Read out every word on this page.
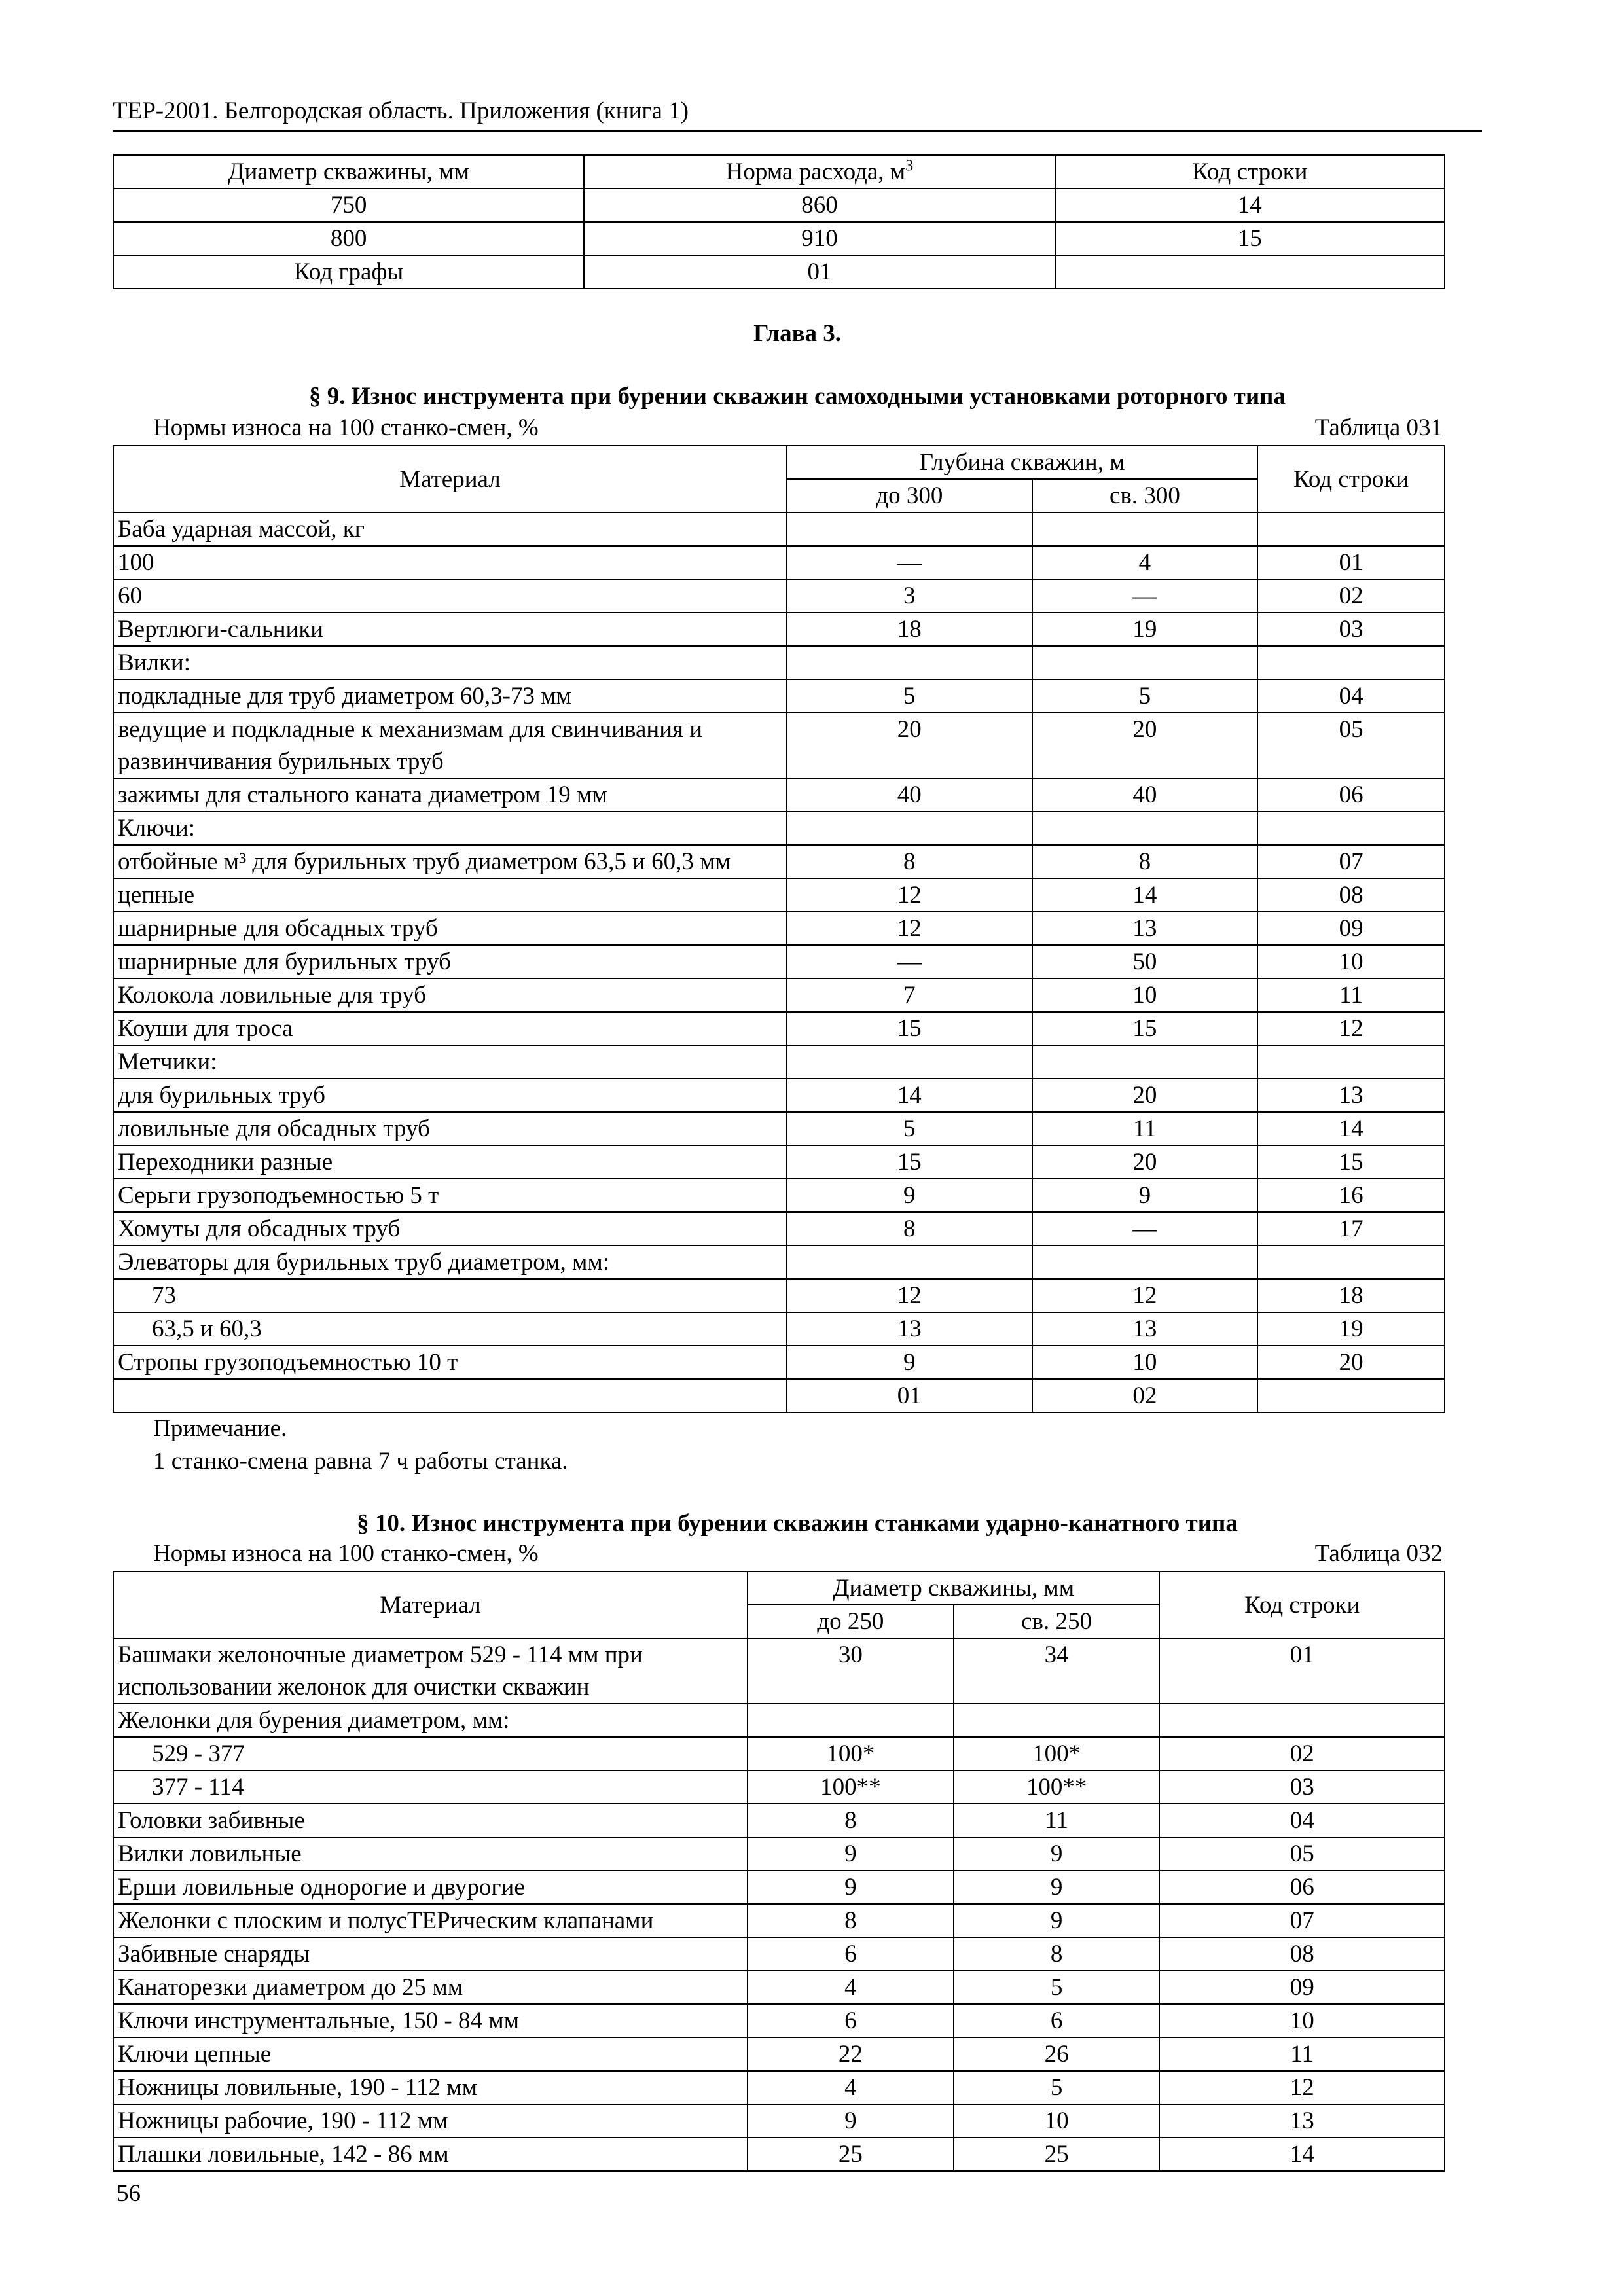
ТЕР-2001. Белгородская область. Приложения (книга 1)
Диаметр скважины, мм	Норма расхода, $м^3$	Код строки
750	860	14
800	910	15
Код графы	01	
Глава 3.
§ 9. Износ инструмента при бурении скважин самоходными установками роторного типа
Нормы износа на 100 станко-смен, %	Таблица 031
Материал	Глубина скважин, м		Код строки
	до 300	св. 300	
Баба ударная массой, кг			
100	—	4	01
60	3	—	02
Вертлюги-сальники	18	19	03
Вилки:			
подкладные для труб диаметром 60,3-73 мм	5	5	04
ведущие и подкладные к механизмам для свинчивания и развинчивания бурильных труб	20	20	05
зажимы для стального каната диаметром 19 мм	40	40	06
Ключи:			
отбойные м³ для бурильных труб диаметром 63,5 и 60,3 мм	8	8	07
цепные	12	14	08
шарнирные для обсадных труб	12	13	09
шарнирные для бурильных труб	—	50	10
Колокола ловильные для труб	7	10	11
Коуши для троса	15	15	12
Метчики:			
для бурильных труб	14	20	13
ловильные для обсадных труб	5	11	14
Переходники разные	15	20	15
Серьги грузоподъемностью 5 т	9	9	16
Хомуты для обсадных труб	8	—	17
Элеваторы для бурильных труб диаметром, мм:			
73	12	12	18
63,5 и 60,3	13	13	19
Стропы грузоподъемностью 10 т	9	10	20
	01	02	
Примечание.
1 станко-смена равна 7 ч работы станка.
§ 10. Износ инструмента при бурении скважин станками ударно-канатного типа
Нормы износа на 100 станко-смен, %	Таблица 032
Материал	Диаметр скважины, мм		Код строки
	до 250	св. 250	
Башмаки желоночные диаметром 529 - 114 мм при использовании желонок для очистки скважин	30	34	01
Желонки для бурения диаметром, мм:			
529 - 377	100*	100*	02
377 - 114	100**	100**	03
Головки забивные	8	11	04
Вилки ловильные	9	9	05
Ерши ловильные однорогие и двурогие	9	9	06
Желонки с плоским и полусТЕРическим клапанами	8	9	07
Забивные снаряды	6	8	08
Канаторезки диаметром до 25 мм	4	5	09
Ключи инструментальные, 150 - 84 мм	6	6	10
Ключи цепные	22	26	11
Ножницы ловильные, 190 - 112 мм	4	5	12
Ножницы рабочие, 190 - 112 мм	9	10	13
Плашки ловильные, 142 - 86 мм	25	25	14
56
